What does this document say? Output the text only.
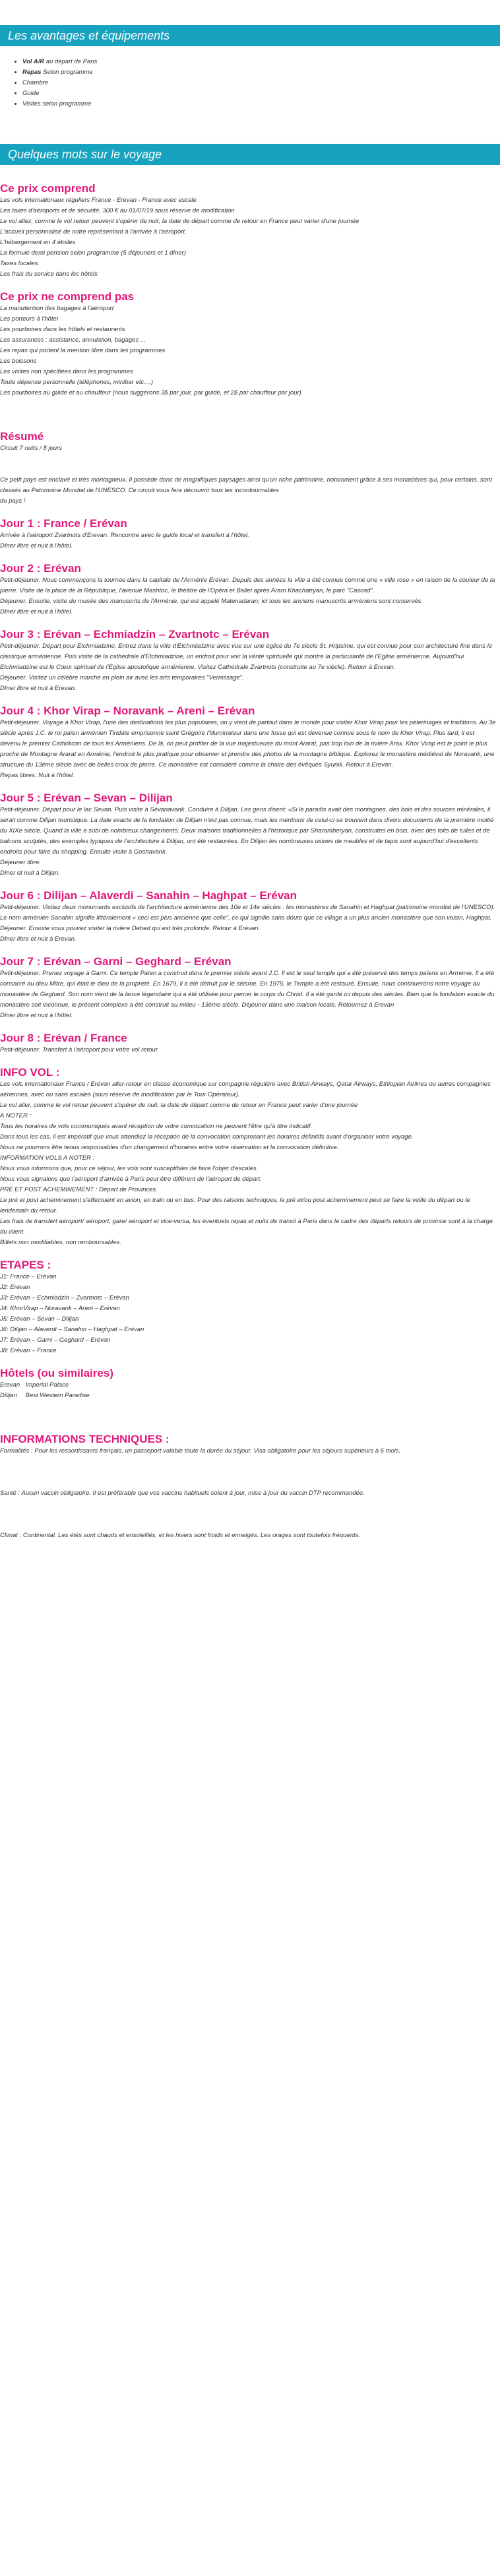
Les avantages et équipements
• Vol A/R au départ de Paris
• Repas Selon programme
• Chambre
• Guide
• Visites selon programme
Quelques mots sur le voyage
Ce prix comprend
Les vols internationaux réguliers France - Erevan - France avec escale
Les taxes d'aéroports et de sécurité, 300 € au 01/07/19 sous réserve de modification
Le vol allez, comme le vol retour peuvent s'opérer de nuit, la date de départ comme de retour en France peut varier d'une journée
L'accueil personnalisé de notre représentant à l'arrivée à l'aéroport.
L'hébergement en 4 étoiles
La formule demi pension selon programme (5 déjeuners et 1 dîner)
Taxes locales.
Les frais du service dans les hôtels
Ce prix ne comprend pas
La manutention des bagages à l'aéroport
Les porteurs à l'hôtel
Les pourboires dans les hôtels et restaurants
Les assurances : assistance, annulation, bagages ...
Les repas qui portent la mention libre dans les programmes
Les boissons
Les visites non spécifiées dans les programmes
Toute dépense personnelle (téléphones, minibar etc....)
Les pourboires au guide et au chauffeur (nous suggérons 3$ par jour, par guide, et 2$ par chauffeur par jour)
Résumé
Circuit 7 nuits / 8 jours
Ce petit pays est enclavé et très montagneux. Il possède donc de magnifiques paysages ainsi qu'un riche patrimoine, notamment grâce à ses monastères qui, pour certains, sont classés au Patrimoine Mondial de l'UNESCO. Ce circuit vous fera découvrir tous les incontournables
du pays !
Jour 1 : France / Erévan
Arrivée à l'aéroport Zvartnots d'Erevan. Rencontre avec le guide local et transfert à l'hôtel.
Dîner libre et nuit à l'hôtel.
Jour 2 : Erévan
Petit-déjeuner. Nous commençons la tournée dans la capitale de l'Arménie Erévan. Depuis des années la ville a été connue comme une « ville rose » en raison de la couleur de la pierre. Visite de la place de la République, l'avenue Mashtoc, le théâtre de l'Opéra et Ballet après Aram Khachatryan, le parc "Cascad".
Déjeuner. Ensuite, visite du musée des manuscrits de l'Arménie, qui est appelé Matenadaran; ici tous les anciens manuscrits arméniens sont conservés.
Dîner libre et nuit à l'hôtel.
Jour 3 : Erévan – Echmiadzin – Zvartnotc – Erévan
Petit-déjeuner. Départ pour Etchmiadzine. Entrez dans la ville d'Etchmiadzine avec vue sur une église du 7e siècle St. Hripsime, qui est connue pour son architecture fine dans le classique arménienne. Puis visite de la cathédrale d'Etchmiadzine, un endroit pour voir la vérité spirituelle qui montre la particularité de l'Eglise arménienne. Aujourd'hui Etchmiadzine est le Cœur spirituel de l'Église apostolique arménienne. Visitez Cathédrale Zvartnots (construite au 7e siècle). Retour à Erevan.
Déjeuner. Visitez un célèbre marché en plein air avec les arts temporaires "Vernissage".
Dîner libre et nuit à Erevan.
Jour 4 : Khor Virap – Noravank – Areni – Erévan
Petit-déjeuner. Voyage à Khor Virap, l'une des destinations les plus populaires, on y vient de partout dans le monde pour visiter Khor Virap pour les pèlerinages et traditions. Au 3e siècle après J.C. le roi païen arménien Tiridate emprisonne saint Grégoire l'Illuminateur dans une fosse qui est devenue connue sous le nom de Khor Virap. Plus tard, il est devenu le premier Catholicon de tous les Arméniens. De là, on peut profiter de la vue majestueuse du mont Ararat, pas trop loin de la rivière Arax. Khor Virap est le point le plus proche de Montagne Ararat en Arménie, l'endroit le plus pratique pour observer et prendre des photos de la montagne biblique. Explorez le monastère médiéval de Noravank, une structure du 13ème siècle avec de belles croix de pierre. Ce monastère est considéré comme la chaire des évêques Syunik. Retour à Erevan.
Repas libres. Nuit à l'hôtel.
Jour 5 : Erévan – Sevan – Dilijan
Petit-déjeuner. Départ pour le lac Sevan. Puis visite à Sévanavank. Conduire à Dilijan. Les gens disent: «Si le paradis avait des montagnes, des bois et des sources minérales, il serait comme Dilijan touristique. La date exacte de la fondation de Dilijan n'est pas connue, mais les mentions de celui-ci se trouvent dans divers documents de la première moitié du XIXe siècle. Quand la ville a subi de nombreux changements. Deux maisons traditionnelles à l'historique par Sharamberyan, construites en bois, avec des toits de tuiles et de balcons sculptés, des exemples typiques de l'architecture à Dilijan, ont été restaurées. En Dilijan les nombreuses usines de meubles et de tapis sont aujourd'hui d'excellents endroits pour faire du shopping. Ensuite visite à Goshavank.
Déjeuner libre.
Dîner et nuit à Dilijan.
Jour 6 : Dilijan – Alaverdi – Sanahin – Haghpat – Erévan
Petit-déjeuner. Visitez deux monuments exclusifs de l'architecture arménienne des 10e et 14e siècles : les monastères de Sanahin et Haghpat (patrimoine mondial de l'UNESCO). Le nom arménien Sanahin signifie littéralement « ceci est plus ancienne que celle", ce qui signifie sans doute que ce village a un plus ancien monastère que son voisin, Haghpat. Déjeuner. Ensuite vous pouvez visiter la rivière Debed qui est très profonde. Retour à Erévan.
Dîner libre et nuit à Erevan.
Jour 7 : Erévan – Garni – Geghard – Erévan
Petit-déjeuner. Prenez voyage à Garni. Ce temple Païen a construit dans le premier siècle avant J.C. Il est le seul temple qui a été préservé des temps païens en Arménie. Il a été consacré au dieu Mitre, qui était le dieu de la propreté. En 1679, il a été détruit par le séisme. En 1975, le Temple a été restauré. Ensuite, nous continuerons notre voyage au monastère de Geghard. Son nom vient de la lance légendaire qui a été utilisée pour percer le corps du Christ. Il a été gardé ici depuis des siècles. Bien que la fondation exacte du monastère soit inconnue, le présent complexe a été construit au milieu - 13ème siècle. Déjeuner dans une maison locale. Retournez à Erevan
Dîner libre et nuit à l'hôtel.
Jour 8 : Erévan / France
Petit-déjeuner. Transfert à l'aéroport pour votre vol retour.
INFO VOL :
Les vols internationaux France / Erévan aller-retour en classe économique sur compagnie régulière avec British Airways, Qatar Airways, Ethiopian Airlines ou autres compagnies aériennes, avec ou sans escales (sous réserve de modification par le Tour Operateur).
Le vol aller, comme le vol retour peuvent s'opérer de nuit, la date de départ comme de retour en France peut varier d'une journée
A NOTER :
Tous les horaires de vols communiqués avant réception de votre convocation ne peuvent l'être qu'à titre indicatif.
Dans tous les cas, il est impératif que vous attendiez la réception de la convocation comprenant les horaires définitifs avant d'organiser votre voyage.
Nous ne pourrons être tenus responsables d'un changement d'horaires entre votre réservation et la convocation définitive.
INFORMATION VOLS A NOTER :
Nous vous informons que, pour ce séjour, les vols sont susceptibles de faire l'objet d'escales.
Nous vous signalons que l'aéroport d'arrivée à Paris peut être différent de l'aéroport de départ.
PRE ET POST ACHEMINEMENT : Départ de Provinces.
Le pré et post acheminement s'effectuent en avion, en train ou en bus. Pour des raisons techniques, le pré et/ou post acheminement peut se faire la veille du départ ou le lendemain du retour.
Les frais de transfert aéroport/ aéroport, gare/ aéroport et vice-versa, les éventuels repas et nuits de transit à Paris dans le cadre des départs retours de province sont à la charge du client.
Billets non modifiables, non remboursables.
ETAPES :
J1: France – Erévan
J2: Erévan
J3: Erévan – Echmiadzin – Zvartnotc – Erévan
J4: KhorVirap – Noravank – Areni – Erévan
J5: Erévan – Sevan – Dilijan
J6: Dilijan – Alaverdi – Sanahin – Haghpat – Erévan
J7: Erévan – Garni – Geghard – Erévan
J8: Erévan – France
Hôtels (ou similaires)
Erevan Imperial Palace
Dilijan Best Western Paradise
INFORMATIONS TECHNIQUES :
Formalités : Pour les ressortissants français, un passeport valable toute la durée du séjour. Visa obligatoire pour les séjours supérieurs à 6 mois.
Santé : Aucun vaccin obligatoire. Il est préférable que vos vaccins habituels soient à jour, mise à jour du vaccin DTP recommandée.
Climat : Continental. Les étés sont chauds et ensoleillés, et les hivers sont froids et enneigés. Les orages sont toutefois fréquents.
